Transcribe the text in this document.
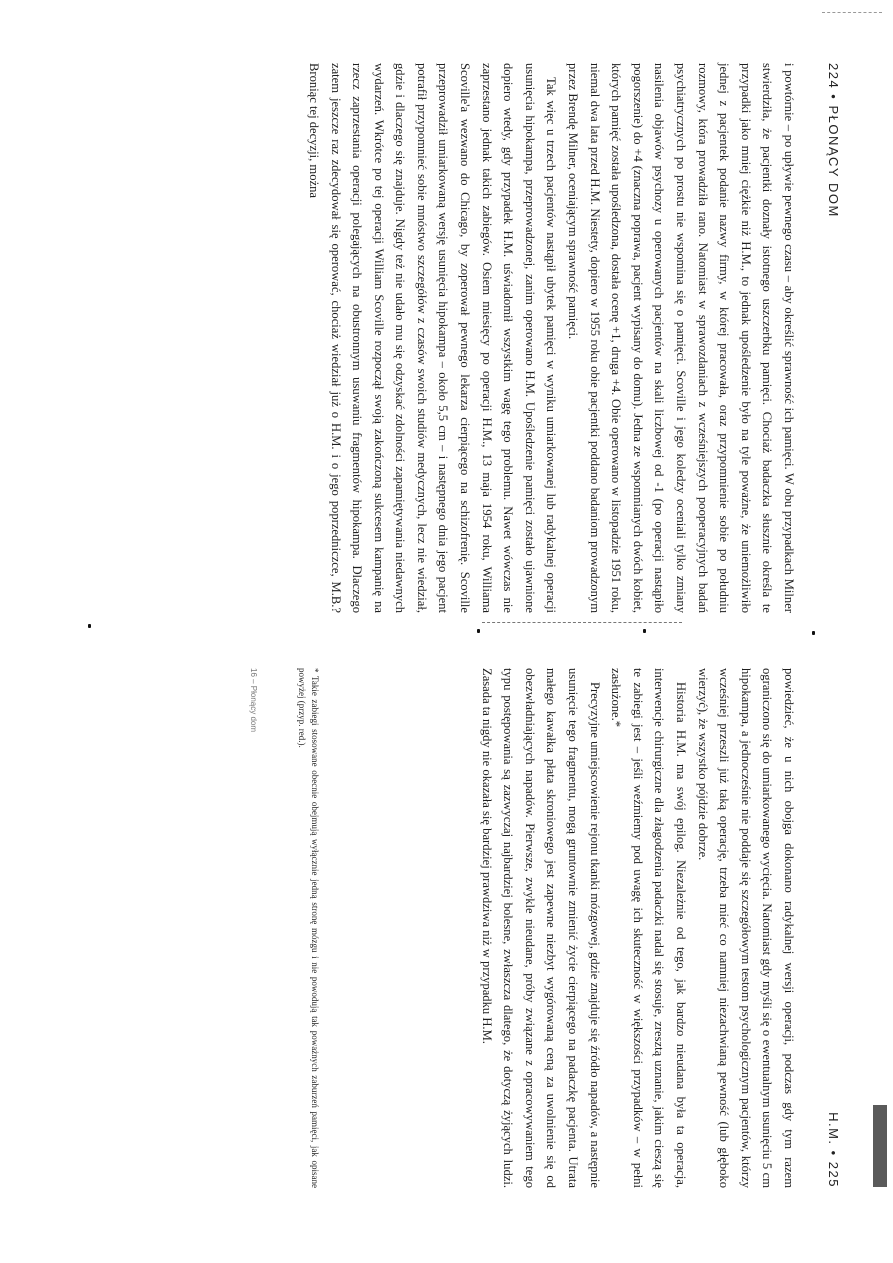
224 • PŁONĄCY DOM

i powtórnie – po upływie pewnego czasu – aby określić sprawność ich pamięci. W obu przypadkach Milner stwierdziła, że pacjentki doznały istotnego uszczerbku pamięci. Chociaż badaczka słusznie określa te przypadki jako mniej ciężkie niż H.M., to jednak upośledzenie było na tyle poważne, że uniemożliwiło jednej z pacjentek podanie nazwy firmy, w której pracowała, oraz przypomnienie sobie po południu rozmowy, która prowadziła rano. Natomiast w sprawozdaniach z wcześniejszych pooperacyjnych badań psychiatrycznych po prostu nie wspomina się o pamięci. Scoville i jego koledzy oceniali tylko zmiany nasilenia objawów psychozy u operowanych pacjentów na skali liczbowej od -1 (po operacji nastąpiło pogorszenie) do +4 (znaczna poprawa, pacjent wypisany do domu). Jedna ze wspomnianych dwóch kobiet, których pamięć została upośledzona, dostała ocenę +1, druga +4. Obie operowano w listopadzie 1951 roku, niemal dwa lata przed H.M. Niestety, dopiero w 1955 roku obie pacjentki poddano badaniom prowadzonym przez Brendę Milner, oceniającym sprawność pamięci.

Tak więc u trzech pacjentów nastąpił ubytek pamięci w wyniku umiarkowanej lub radykalnej operacji usunięcia hipokampa, przeprowadzonej, zanim operowano H.M. Upośledzenie pamięci zostało ujawnione dopiero wtedy, gdy przypadek H.M. uświadomił wszystkim wagę tego problemu. Nawet wówczas nie zaprzestano jednak takich zabiegów. Osiem miesięcy po operacji H.M., 13 maja 1954 roku, Williama Scoville'a wezwano do Chicago, by zoperował pewnego lekarza cierpiącego na schizofrenię. Scoville przeprowadził umiarkowaną wersję usunięcia hipokampa – około 5,5 cm – i następnego dnia jego pacjent potrafił przypomnieć sobie mnóstwo szczegółów z czasów swoich studiów medycznych, lecz nie wiedział, gdzie i dlaczego się znajduje. Nigdy też nie udało mu się odzyskać zdolności zapamiętywania niedawnych wydarzeń. Wkrótce po tej operacji William Scoville rozpoczął swoją zakończoną sukcesem kampanię na rzecz zaprzestania operacji polegających na obustronnym usuwaniu fragmentów hipokampa. Dlaczego zatem jeszcze raz zdecydował się operować, chociaż wiedział już o H.M. i o jego poprzedniczce, M.B.? Broniąc tej decyzji, można

H.M. • 225

powiedzieć, że u nich obojga dokonano radykalnej wersji operacji, podczas gdy tym razem ograniczono się do umiarkowanego wycięcia. Natomiast gdy myśli się o ewentualnym usunięciu 5 cm hipokampa, a jednocześnie nie poddaje się szczegółowym testom psychologicznym pacjentów, którzy wcześniej przeszli już taką operację, trzeba mieć co namniej niezachwianą pewność (lub głęboko wierzyć), że wszystko pójdzie dobrze.

Historia H.M. ma swój epilog. Niezależnie od tego, jak bardzo nieudana była ta operacja, interwencje chirurgiczne dla złagodzenia padaczki nadal się stosuje, zresztą uznanie, jakim cieszą się te zabiegi jest – jeśli weźmiemy pod uwagę ich skuteczność w większości przypadków – w pełni zasłużone.*

Precyzyjne umiejscowienie rejonu tkanki mózgowej, gdzie znajduje się źródło napadów, a następnie usunięcie tego fragmentu, mogą gruntownie zmienić życie cierpiącego na padaczkę pacjenta. Utrata małego kawałka płata skroniowego jest zapewne niezbyt wygórowaną ceną za uwolnienie się od obezwładniających napadów. Pierwsze, zwykle nieudane, próby związane z opracowywaniem tego typu postępowania są zazwyczaj najbardziej bolesne, zwłaszcza dlatego, że dotyczą żyjących ludzi. Zasada ta nigdy nie okazała się bardziej prawdziwa niż w przypadku H.M.

* Takie zabiegi stosowane obecnie obejmują wyłącznie jedną stronę mózgu i nie powodują tak poważnych zaburzeń pamięci, jak opisane powyżej (przyp. red.).
16 – Płonący dom
